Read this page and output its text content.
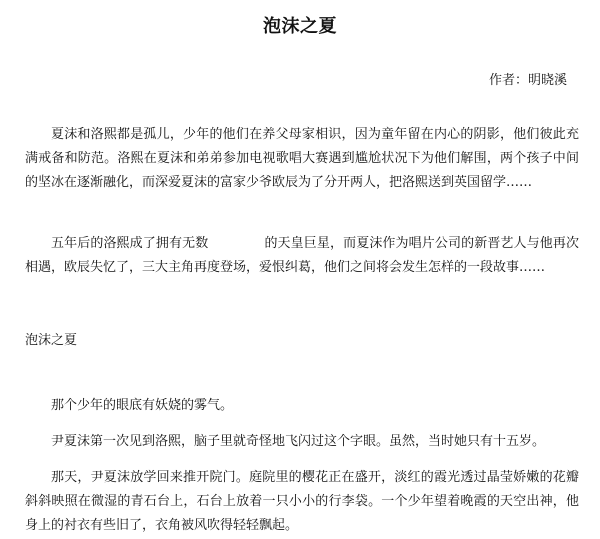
泡沫之夏
作者：明晓溪

夏沫和洛熙都是孤儿，少年的他们在养父母家相识，因为童年留在内心的阴影，他们彼此充满戒备和防范。洛熙在夏沫和弟弟参加电视歌唱大赛遇到尴尬状况下为他们解围，两个孩子中间的坚冰在逐渐融化，而深爱夏沫的富家少爷欧辰为了分开两人，把洛熙送到英国留学……

五年后的洛熙成了拥有无数	的天皇巨星，而夏沫作为唱片公司的新晋艺人与他再次相遇，欧辰失忆了，三大主角再度登场，爱恨纠葛，他们之间将会发生怎样的一段故事……

泡沫之夏

那个少年的眼底有妖娆的雾气。

尹夏沫第一次见到洛熙，脑子里就奇怪地飞闪过这个字眼。虽然，当时她只有十五岁。

那天，尹夏沫放学回来推开院门。庭院里的樱花正在盛开，淡红的霞光透过晶莹娇嫩的花瓣斜斜映照在微湿的青石台上，石台上放着一只小小的行李袋。一个少年望着晚霞的天空出神，他身上的衬衣有些旧了，衣角被风吹得轻轻飘起。
